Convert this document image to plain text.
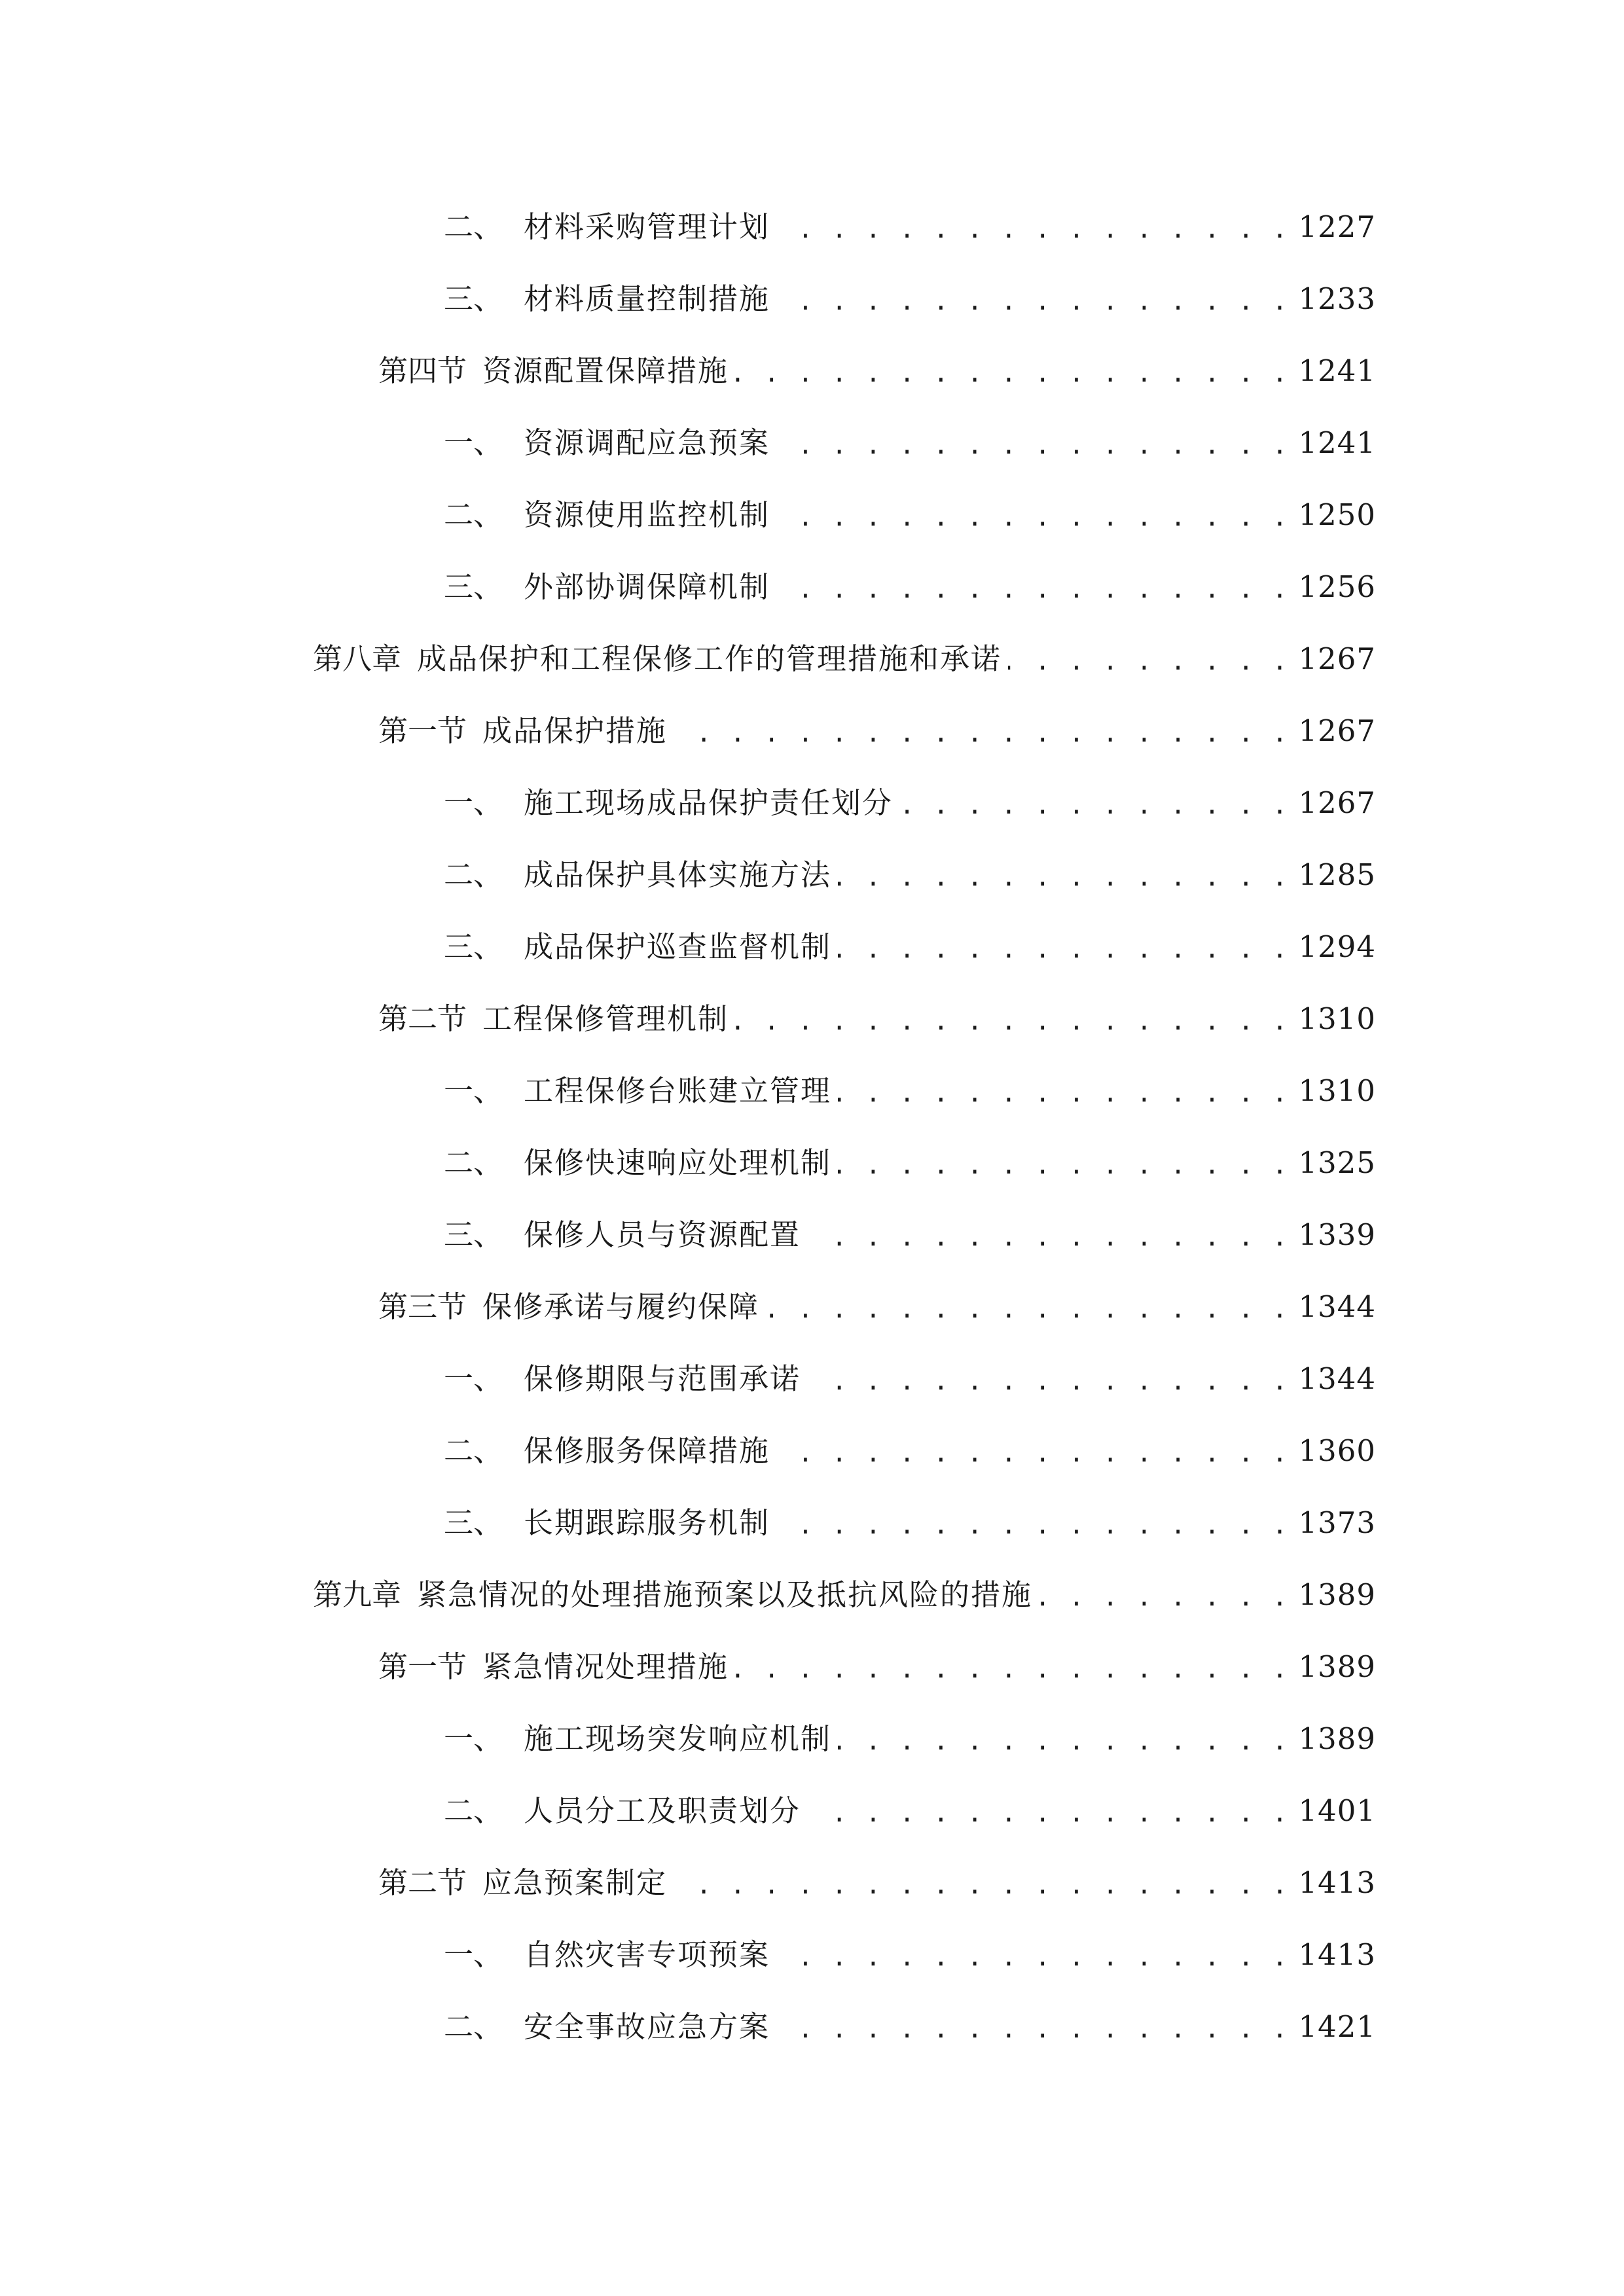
二、 材料采购管理计划 . . .	1227
三、 材料质量控制措施 . . .	1233
第四节 资源配置保障措施 . . .	1241
一、 资源调配应急预案 . . .	1241
二、 资源使用监控机制 . . .	1250
三、 外部协调保障机制 . . .	1256
第八章 成品保护和工程保修工作的管理措施和承诺 . . .	1267
第一节 成品保护措施 . . .	1267
一、 施工现场成品保护责任划分 . . .	1267
二、 成品保护具体实施方法 . . .	1285
三、 成品保护巡查监督机制 . . .	1294
第二节 工程保修管理机制 . . .	1310
一、 工程保修台账建立管理 . . .	1310
二、 保修快速响应处理机制 . . .	1325
三、 保修人员与资源配置 . . .	1339
第三节 保修承诺与履约保障 . . .	1344
一、 保修期限与范围承诺 . . .	1344
二、 保修服务保障措施 . . .	1360
三、 长期跟踪服务机制 . . .	1373
第九章 紧急情况的处理措施预案以及抵抗风险的措施 . . .	1389
第一节 紧急情况处理措施 . . .	1389
一、 施工现场突发响应机制 . . .	1389
二、 人员分工及职责划分 . . .	1401
第二节 应急预案制定 . . .	1413
一、 自然灾害专项预案 . . .	1413
二、 安全事故应急方案 . . .	1421
